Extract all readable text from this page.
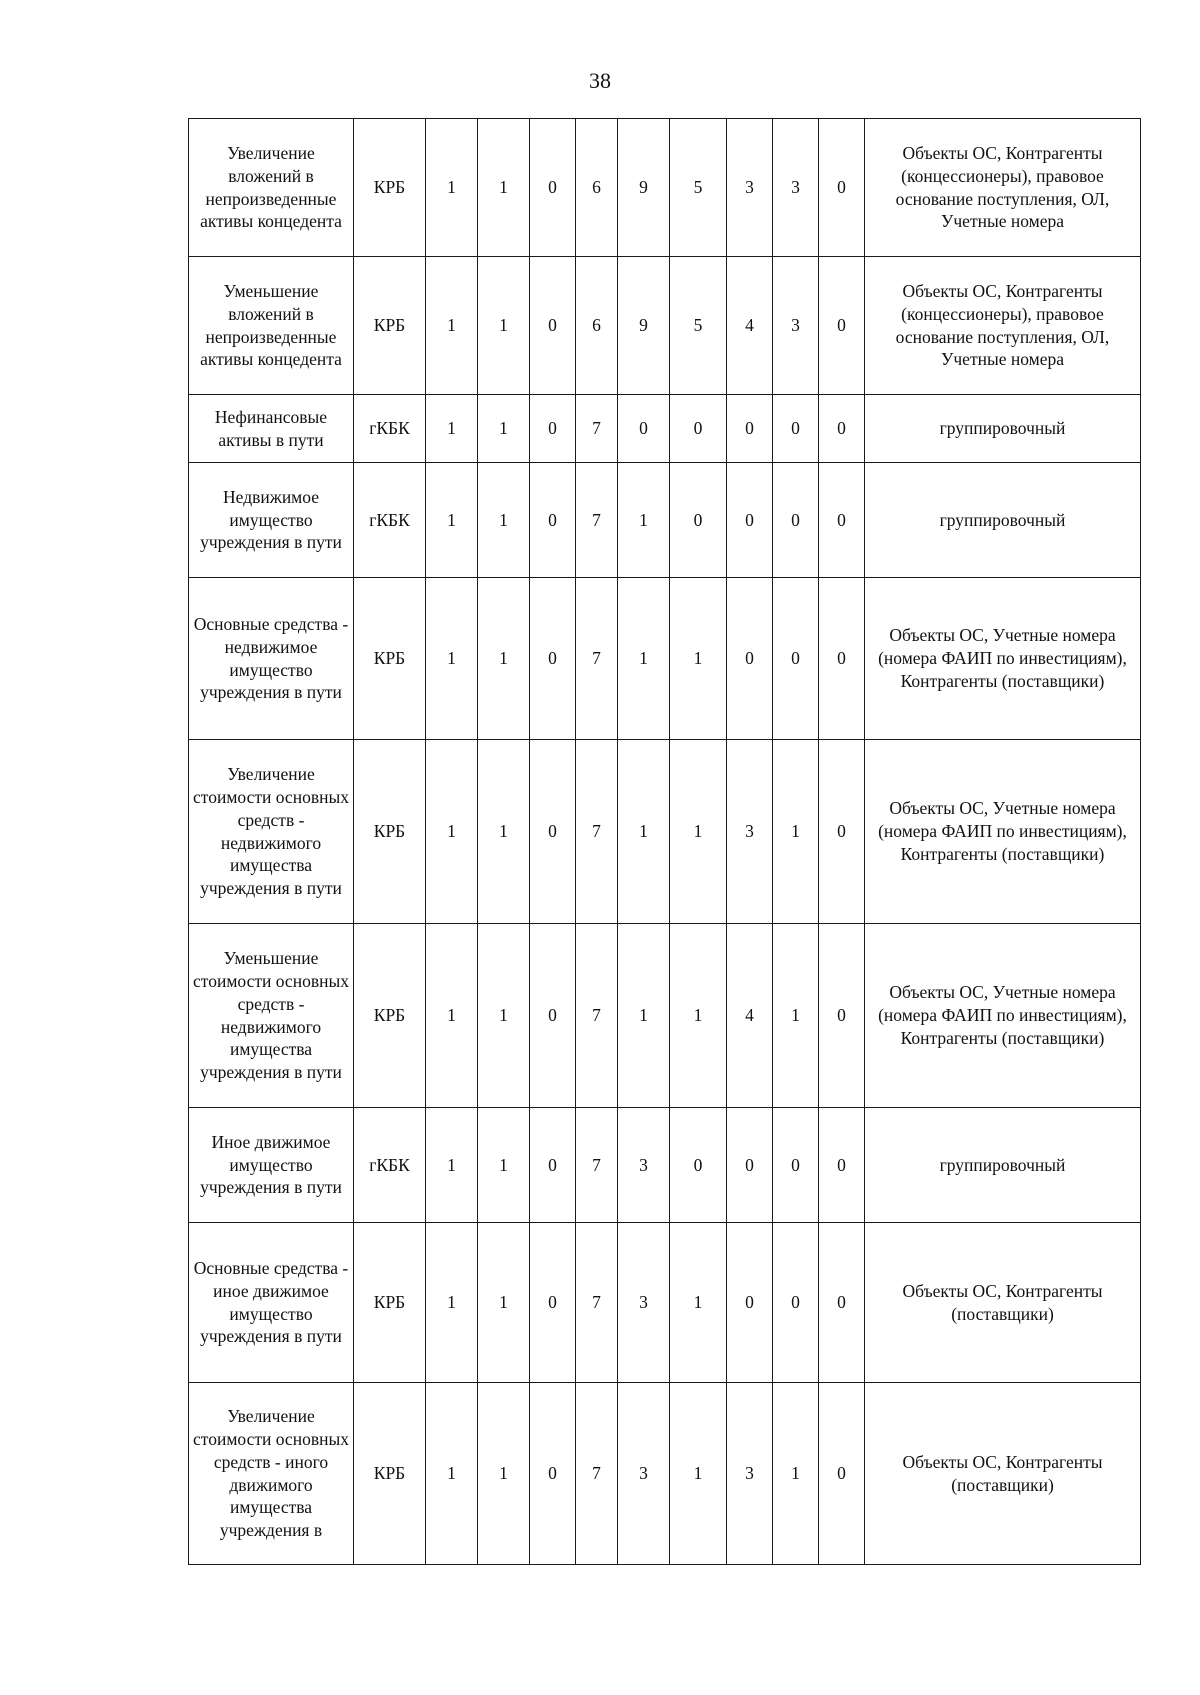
38
Увеличение вложений в непроизведенные активы концедента	КРБ	1	1	0	6	9	5	3	3	0	Объекты ОС, Контрагенты (концессионеры), правовое основание поступления, ОЛ, Учетные номера
Уменьшение вложений в непроизведенные активы концедента	КРБ	1	1	0	6	9	5	4	3	0	Объекты ОС, Контрагенты (концессионеры), правовое основание поступления, ОЛ, Учетные номера
Нефинансовые активы в пути	гКБК	1	1	0	7	0	0	0	0	0	группировочный
Недвижимое имущество учреждения в пути	гКБК	1	1	0	7	1	0	0	0	0	группировочный
Основные средства - недвижимое имущество учреждения в пути	КРБ	1	1	0	7	1	1	0	0	0	Объекты ОС, Учетные номера (номера ФАИП по инвестициям), Контрагенты (поставщики)
Увеличение стоимости основных средств - недвижимого имущества учреждения в пути	КРБ	1	1	0	7	1	1	3	1	0	Объекты ОС, Учетные номера (номера ФАИП по инвестициям), Контрагенты (поставщики)
Уменьшение стоимости основных средств - недвижимого имущества учреждения в пути	КРБ	1	1	0	7	1	1	4	1	0	Объекты ОС, Учетные номера (номера ФАИП по инвестициям), Контрагенты (поставщики)
Иное движимое имущество учреждения в пути	гКБК	1	1	0	7	3	0	0	0	0	группировочный
Основные средства - иное движимое имущество учреждения в пути	КРБ	1	1	0	7	3	1	0	0	0	Объекты ОС, Контрагенты (поставщики)
Увеличение стоимости основных средств - иного движимого имущества учреждения в	КРБ	1	1	0	7	3	1	3	1	0	Объекты ОС, Контрагенты (поставщики)
